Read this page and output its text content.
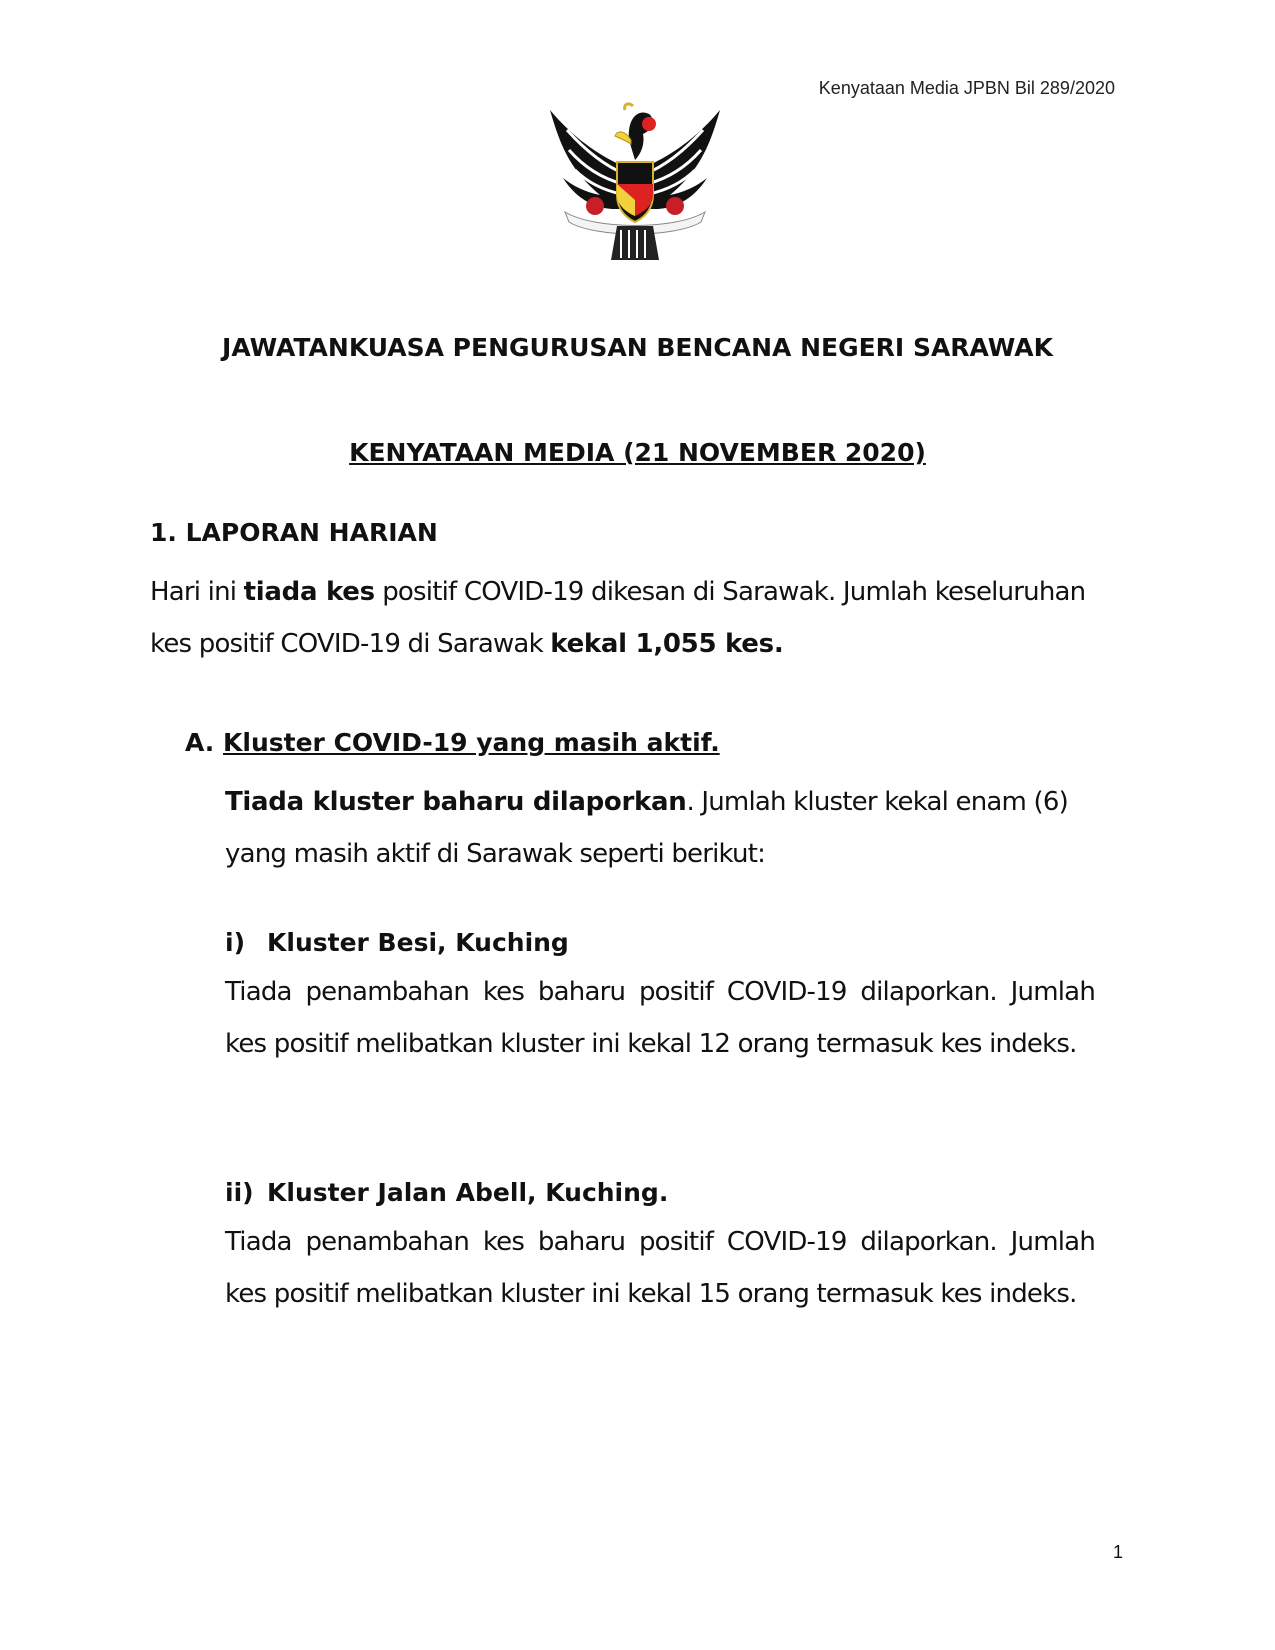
Kenyataan Media JPBN Bil 289/2020
JAWATANKUASA PENGURUSAN BENCANA NEGERI SARAWAK
KENYATAAN MEDIA (21 NOVEMBER 2020)
1. LAPORAN HARIAN
Hari ini tiada kes positif COVID-19 dikesan di Sarawak. Jumlah keseluruhan kes positif COVID-19 di Sarawak kekal 1,055 kes.
A. Kluster COVID-19 yang masih aktif.
Tiada kluster baharu dilaporkan. Jumlah kluster kekal enam (6) yang masih aktif di Sarawak seperti berikut:
i) Kluster Besi, Kuching
Tiada penambahan kes baharu positif COVID-19 dilaporkan. Jumlah kes positif melibatkan kluster ini kekal 12 orang termasuk kes indeks.
ii) Kluster Jalan Abell, Kuching.
Tiada penambahan kes baharu positif COVID-19 dilaporkan. Jumlah kes positif melibatkan kluster ini kekal 15 orang termasuk kes indeks.
1
